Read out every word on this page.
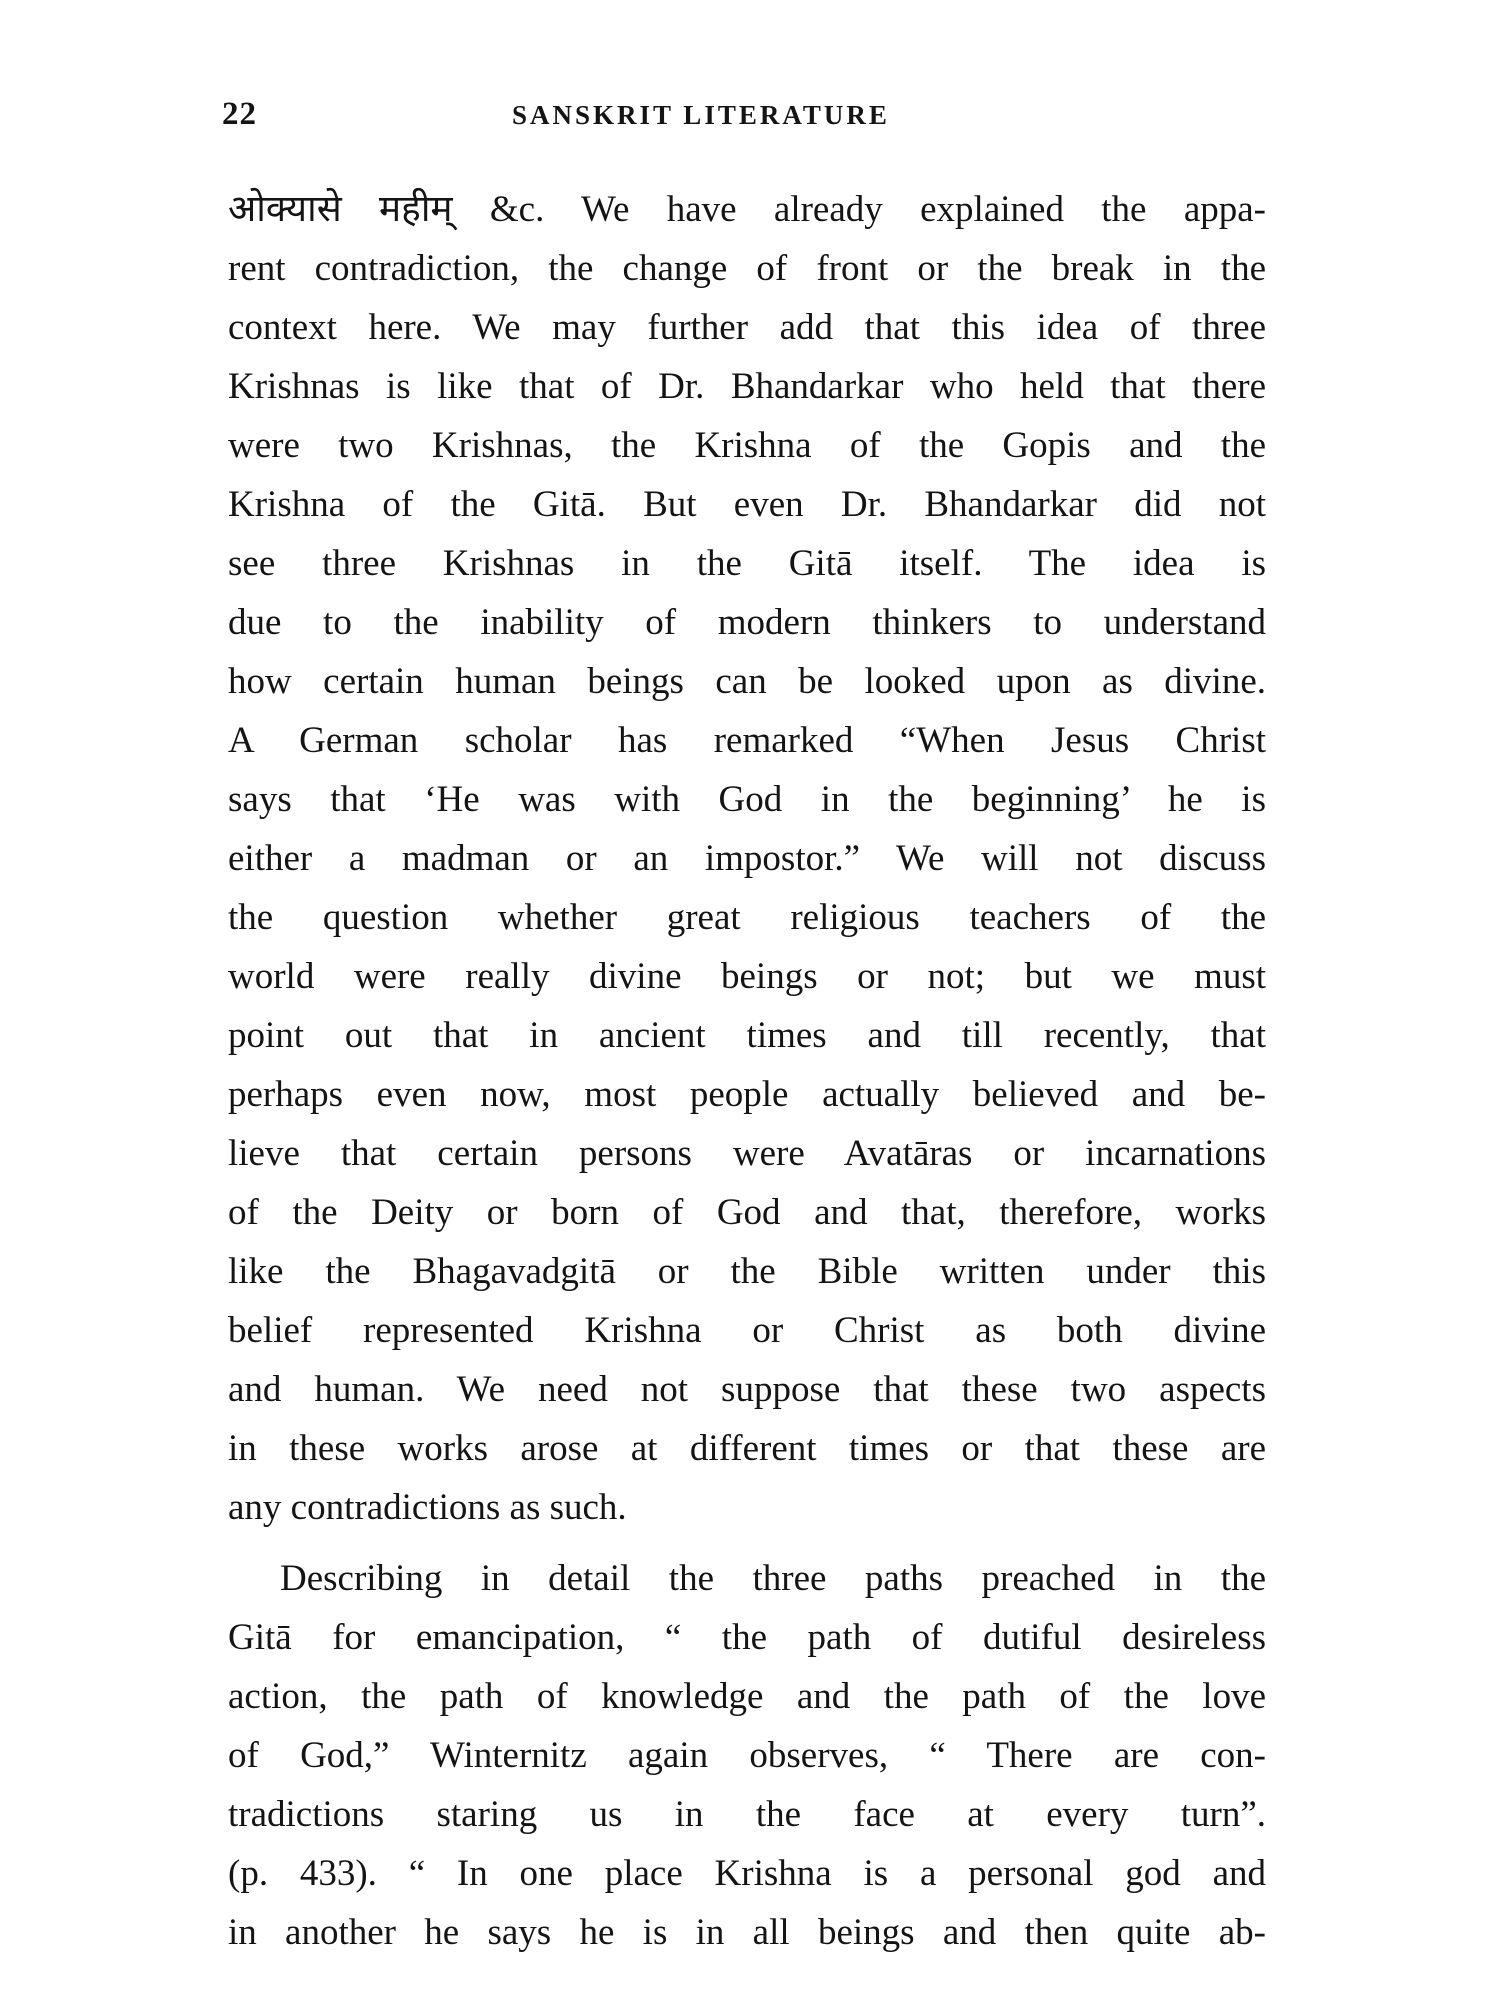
22	SANSKRIT LITERATURE
ओक्यासे महीम् &c. We have already explained the appa-
rent contradiction, the change of front or the break in the
context here. We may further add that this idea of three
Krishnas is like that of Dr. Bhandarkar who held that there
were two Krishnas, the Krishna of the Gopis and the
Krishna of the Gitā. But even Dr. Bhandarkar did not
see three Krishnas in the Gitā itself. The idea is
due to the inability of modern thinkers to understand
how certain human beings can be looked upon as divine.
A German scholar has remarked “When Jesus Christ
says that ‘He was with God in the beginning’ he is
either a madman or an impostor.” We will not discuss
the question whether great religious teachers of the
world were really divine beings or not; but we must
point out that in ancient times and till recently, that
perhaps even now, most people actually believed and be-
lieve that certain persons were Avatāras or incarnations
of the Deity or born of God and that, therefore, works
like the Bhagavadgitā or the Bible written under this
belief represented Krishna or Christ as both divine
and human. We need not suppose that these two aspects
in these works arose at different times or that these are
any contradictions as such.
Describing in detail the three paths preached in the
Gitā for emancipation, “ the path of dutiful desireless
action, the path of knowledge and the path of the love
of God,” Winternitz again observes, “ There are con-
tradictions staring us in the face at every turn”.
(p. 433). “ In one place Krishna is a personal god and
in another he says he is in all beings and then quite ab-
